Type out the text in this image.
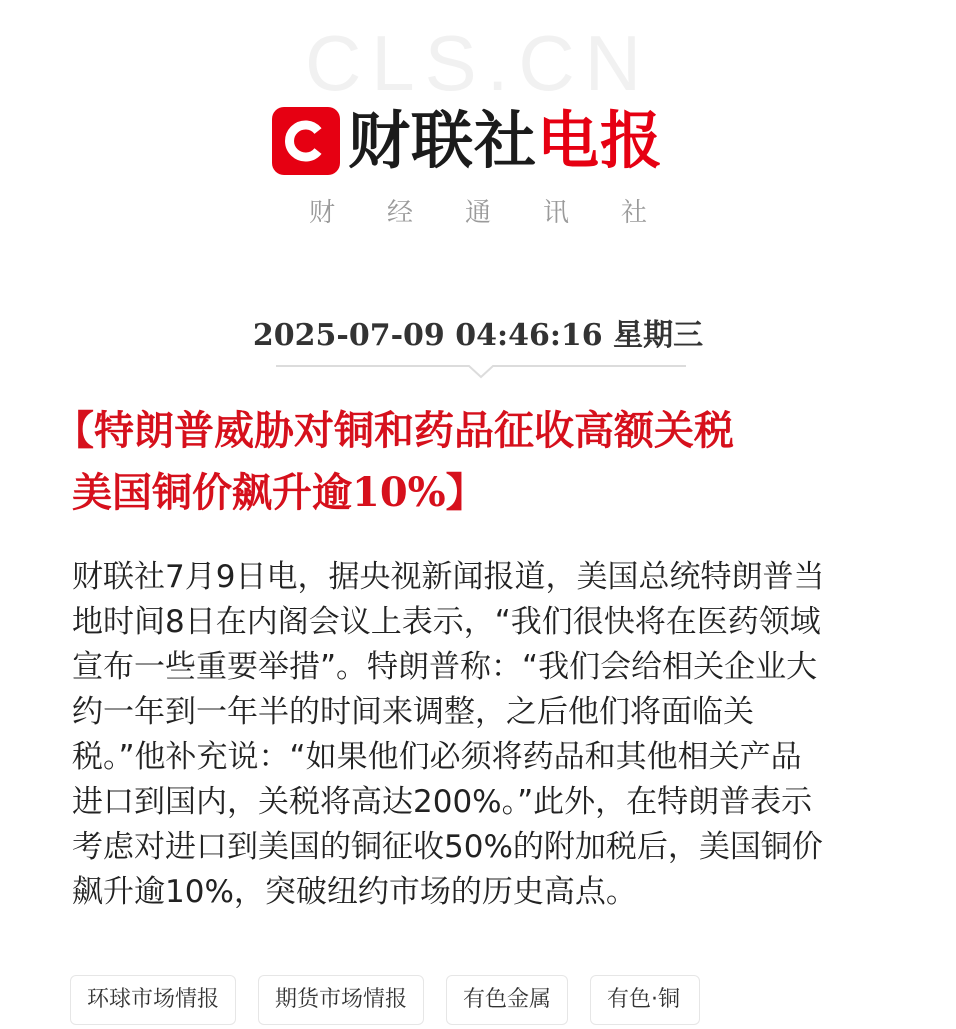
CLS.CN
财联社 电报
财经通讯社
2025-07-09 04:46:16 星期三
【特朗普威胁对铜和药品征收高额关税
美国铜价飙升逾10%】
财联社7月9日电，据央视新闻报道，美国总统特朗普当
地时间8日在内阁会议上表示，“我们很快将在医药领域
宣布一些重要举措”。特朗普称：“我们会给相关企业大
约一年到一年半的时间来调整，之后他们将面临关
税。”他补充说：“如果他们必须将药品和其他相关产品
进口到国内，关税将高达200%。”此外，在特朗普表示
考虑对进口到美国的铜征收50%的附加税后，美国铜价
飙升逾10%，突破纽约市场的历史高点。
环球市场情报	期货市场情报	有色金属	有色·铜
